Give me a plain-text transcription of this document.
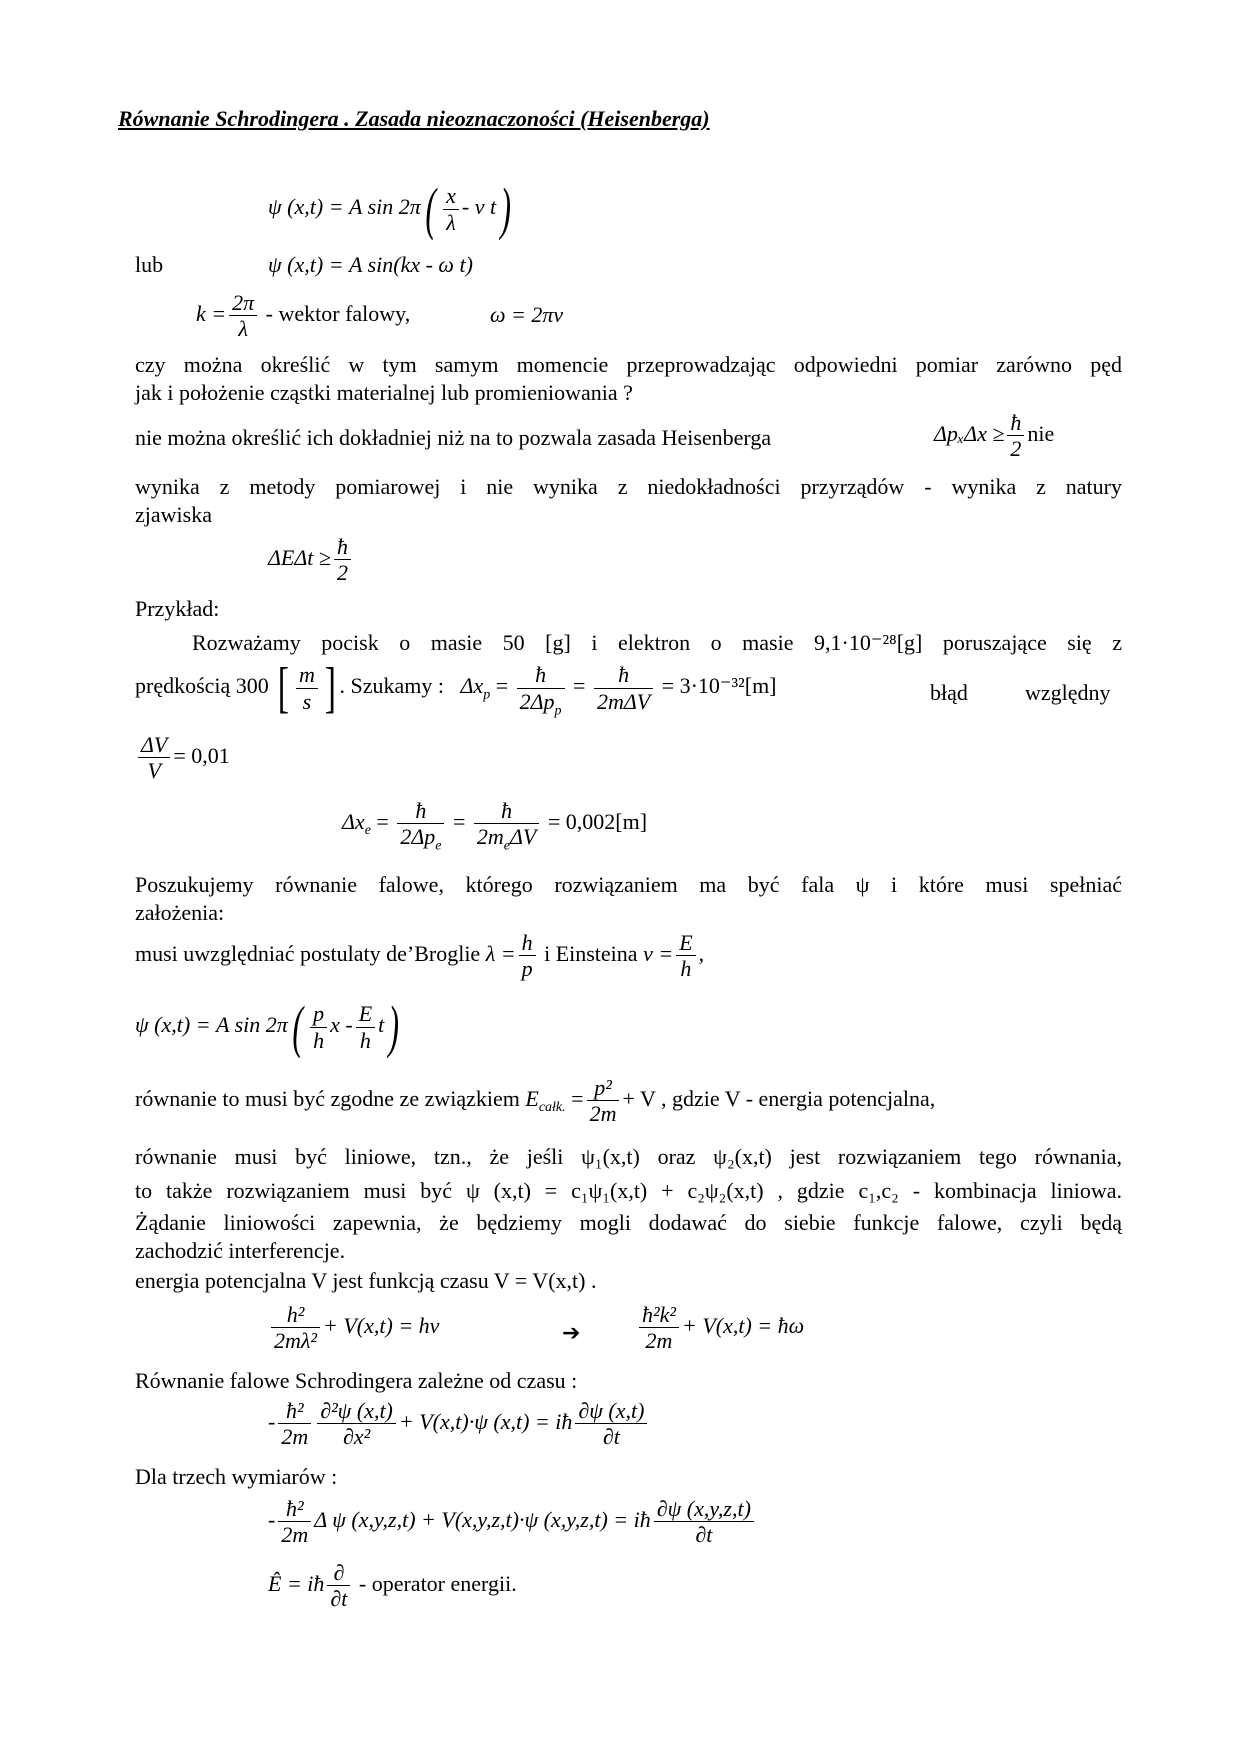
Równanie Schrodingera . Zasada nieoznaczoności (Heisenberga)
ψ (x,t) = A $\sin 2\pi( \frac{x}{\lambda}$ - ν t)
lub	ψ (x,t) = A sin(kx - ω t)
$k = \frac{2\pi}{\lambda}$ - wektor falowy,	ω = 2πν
czy można określić w tym samym momencie przeprowadzając odpowiedni pomiar zarówno pęd
jak i położenie cząstki materialnej lub promieniowania ?
nie można określić ich dokładniej niż na to pozwala zasada Heisenberga	$\Delta p_x\Delta x \ge \frac{ħ}{2}$ nie
wynika z metody pomiarowej i nie wynika z niedokładności przyrządów - wynika z natury
zjawiska
$\Delta E\Delta t \ge \frac{ħ}{2}$
Przykład:
Rozważamy pocisk o masie 50 [g] i elektron o masie 9,1·10⁻²⁸[g] poruszające się z
prędkością 300 [ $\frac{m}{s}$ ] . Szukamy : $\Delta x_p$ = ħ
$2\Delta p_p$
=	ħ
2mΔV
= 3·10⁻³²[m]	błąd	względny
$\frac{\Delta V}{V} = 0,01$
$\Delta x_e$ = ħ
$2\Delta p_e$
=	ħ
$2m_e\Delta V$
= 0,002[m]
Poszukujemy równanie falowe, którego rozwiązaniem ma być fala ψ i które musi spełniać
założenia:
musi uwzględniać postulaty de’Broglie $\lambda = \frac{h}{p}$ i Einsteina $\nu = \frac{E}{h}$ ,
ψ (x,t) = A $\sin 2\pi( \frac{p}{h}$ x - $\frac{E}{h} t$)
równanie to musi być zgodne ze związkiem $E_{całk.} = \frac{\text{p²}}{2m} + V$ , gdzie V - energia potencjalna,
równanie musi być liniowe, tzn., że jeśli ψ₁(x,t) oraz ψ₂(x,t) jest rozwiązaniem tego równania,
to także rozwiązaniem musi być ψ (x,t) = c₁ψ₁(x,t) + c₂ψ₂(x,t) , gdzie c₁,c₂ - kombinacja liniowa.
Żądanie liniowości zapewnia, że będziemy mogli dodawać do siebie funkcje falowe, czyli będą
zachodzić interferencje.
energia potencjalna V jest funkcją czasu V = V(x,t) .
$\frac{\text{h²}}{\text{2mλ²}} + V(x,t) = h\nu$	➔	$\frac{\text{ħ²k²}}{2m} + V(x,t)$ = ħω
Równanie falowe Schrodingera zależne od czasu :
- $\frac{\text{ħ²}}{2m} \frac{\text{∂²ψ (x,t)}}{\text{∂x²}} + V(x,t)\cdot\psi$ (x,t) = iħ $\frac{\partial\psi (x,t)}{\partial t}$
Dla trzech wymiarów :
- $\frac{\text{ħ²}}{2m}$ Δ ψ (x,y,z,t) + V(x,y,z,t)·ψ (x,y,z,t) = iħ $\frac{\partial\psi (x,y,z,t)}{\partial t}$
Ê = iħ ∂
∂t
- operator energii.
